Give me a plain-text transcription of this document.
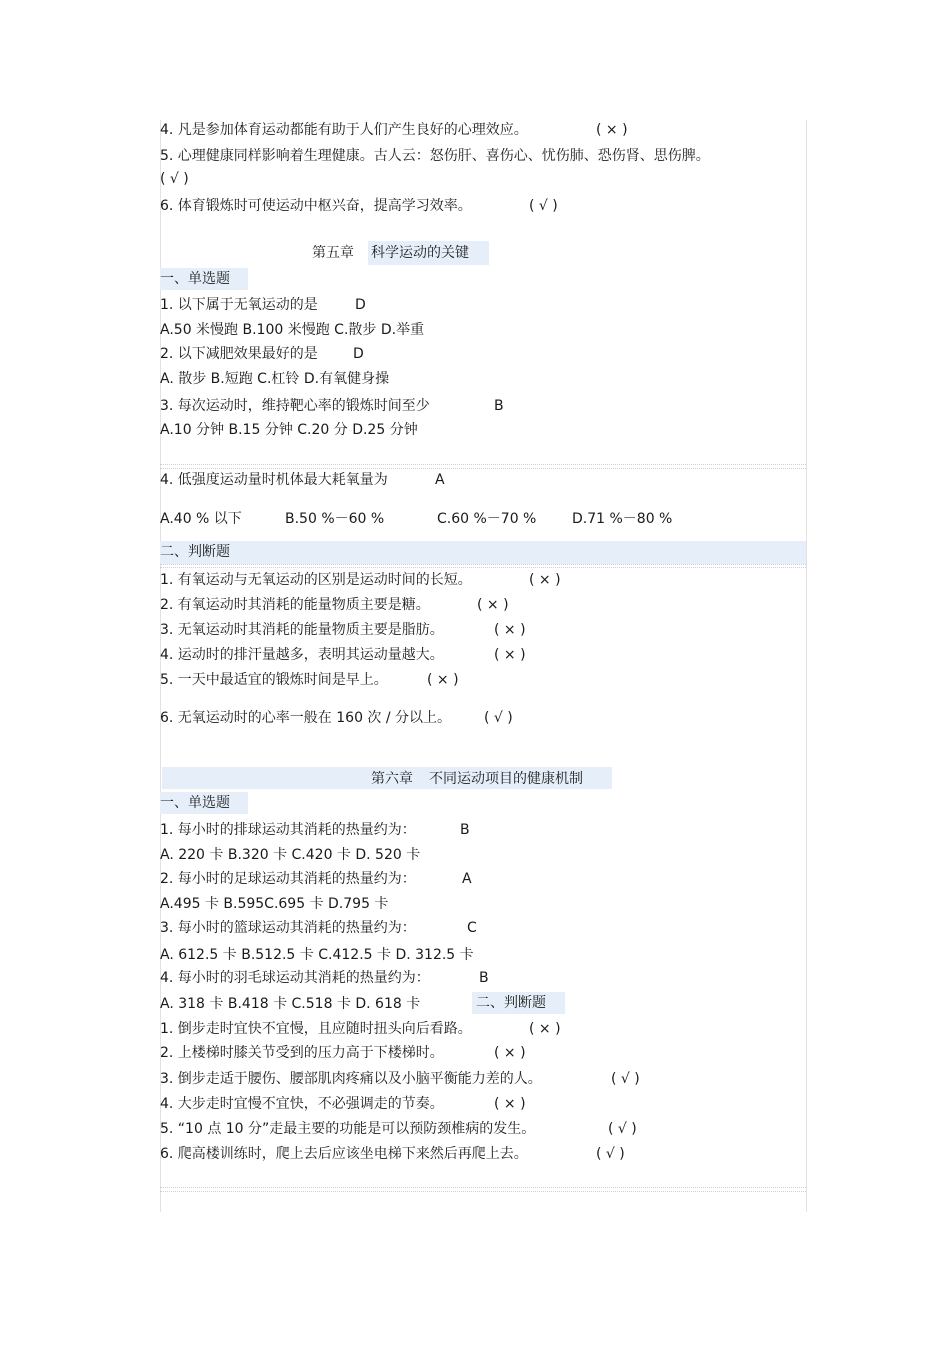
4. 凡是参加体育运动都能有助于人们产生良好的心理效应。	( × )
5. 心理健康同样影响着生理健康。古人云：怒伤肝、喜伤心、忧伤肺、恐伤肾、思伤脾。
( √ )
6. 体育锻炼时可使运动中枢兴奋，提高学习效率。	( √ )
第五章 科学运动的关键
一、单选题
1. 以下属于无氧运动的是	D
A.50 米慢跑 B.100 米慢跑 C.散步 D.举重
2. 以下减肥效果最好的是	D
A. 散步 B.短跑 C.杠铃 D.有氧健身操
3. 每次运动时，维持靶心率的锻炼时间至少	B
A.10 分钟 B.15 分钟 C.20 分 D.25 分钟
4. 低强度运动量时机体最大耗氧量为	A
A.40 % 以下	B.50 %－60 %	C.60 %－70 %	D.71 %－80 %
二、判断题
1. 有氧运动与无氧运动的区别是运动时间的长短。	( × )
2. 有氧运动时其消耗的能量物质主要是糖。	( × )
3. 无氧运动时其消耗的能量物质主要是脂肪。	( × )
4. 运动时的排汗量越多，表明其运动量越大。	( × )
5. 一天中最适宜的锻炼时间是早上。	( × )
6. 无氧运动时的心率一般在 160 次 / 分以上。 ( √ )
第六章 不同运动项目的健康机制
一、单选题
1. 每小时的排球运动其消耗的热量约为：	B
A. 220 卡 B.320 卡 C.420 卡 D. 520 卡
2. 每小时的足球运动其消耗的热量约为：	A
A.495 卡 B.595C.695 卡 D.795 卡
3. 每小时的篮球运动其消耗的热量约为：	C
A. 612.5 卡 B.512.5 卡 C.412.5 卡 D. 312.5 卡
4. 每小时的羽毛球运动其消耗的热量约为：	B
A. 318 卡 B.418 卡 C.518 卡 D. 618 卡	二、判断题
1. 倒步走时宜快不宜慢，且应随时扭头向后看路。	( × )
2. 上楼梯时膝关节受到的压力高于下楼梯时。	( × )
3. 倒步走适于腰伤、腰部肌肉疼痛以及小脑平衡能力差的人。	( √ )
4. 大步走时宜慢不宜快，不必强调走的节奏。	( × )
5. “10 点 10 分”走最主要的功能是可以预防颈椎病的发生。	( √ )
6. 爬高楼训练时，爬上去后应该坐电梯下来然后再爬上去。	( √ )
